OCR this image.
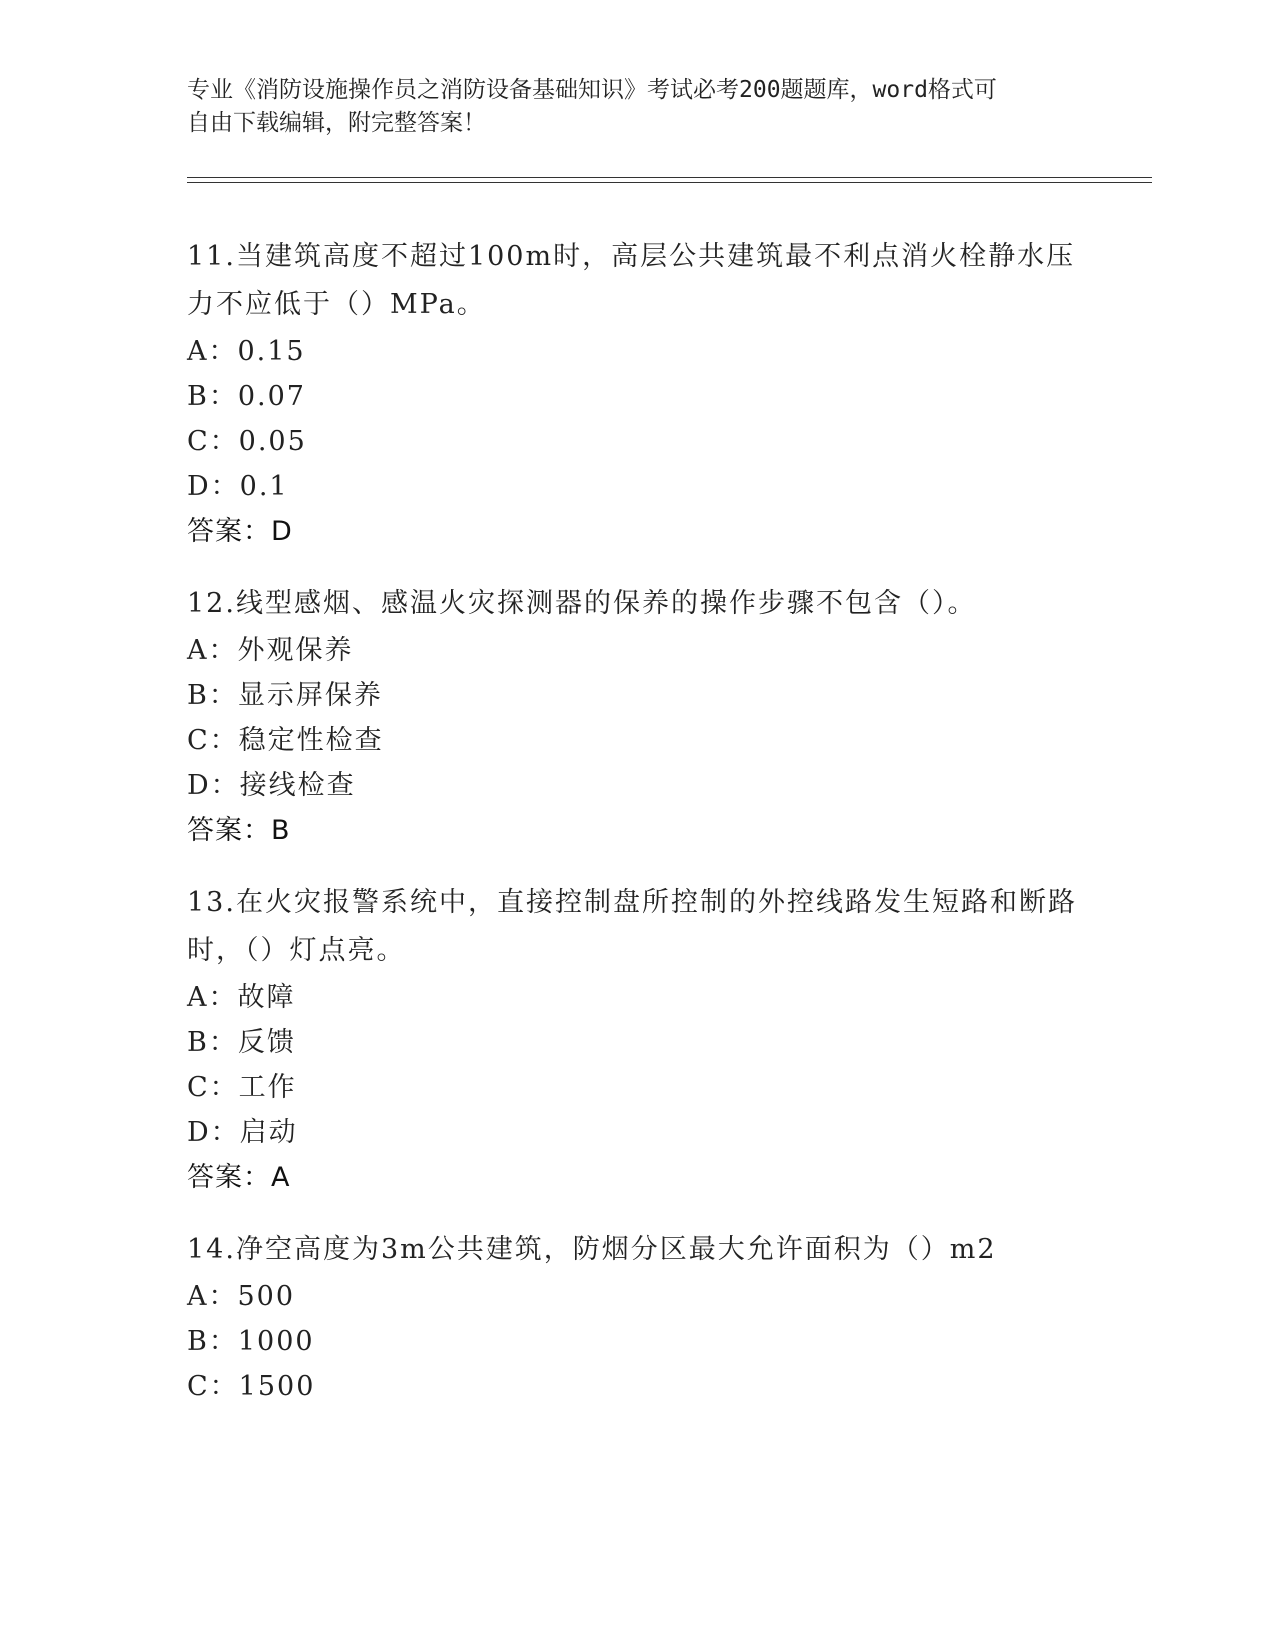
专业《消防设施操作员之消防设备基础知识》考试必考200题题库，word格式可
自由下载编辑，附完整答案！
11.当建筑高度不超过100m时，高层公共建筑最不利点消火栓静水压
力不应低于（）MPa。
A：0.15
B：0.07
C：0.05
D：0.1
答案：D
12.线型感烟、感温火灾探测器的保养的操作步骤不包含（）。
A：外观保养
B：显示屏保养
C：稳定性检查
D：接线检查
答案：B
13.在火灾报警系统中，直接控制盘所控制的外控线路发生短路和断路
时，（）灯点亮。
A：故障
B：反馈
C：工作
D：启动
答案：A
14.净空高度为3m公共建筑，防烟分区最大允许面积为（）m2
A：500
B：1000
C：1500
